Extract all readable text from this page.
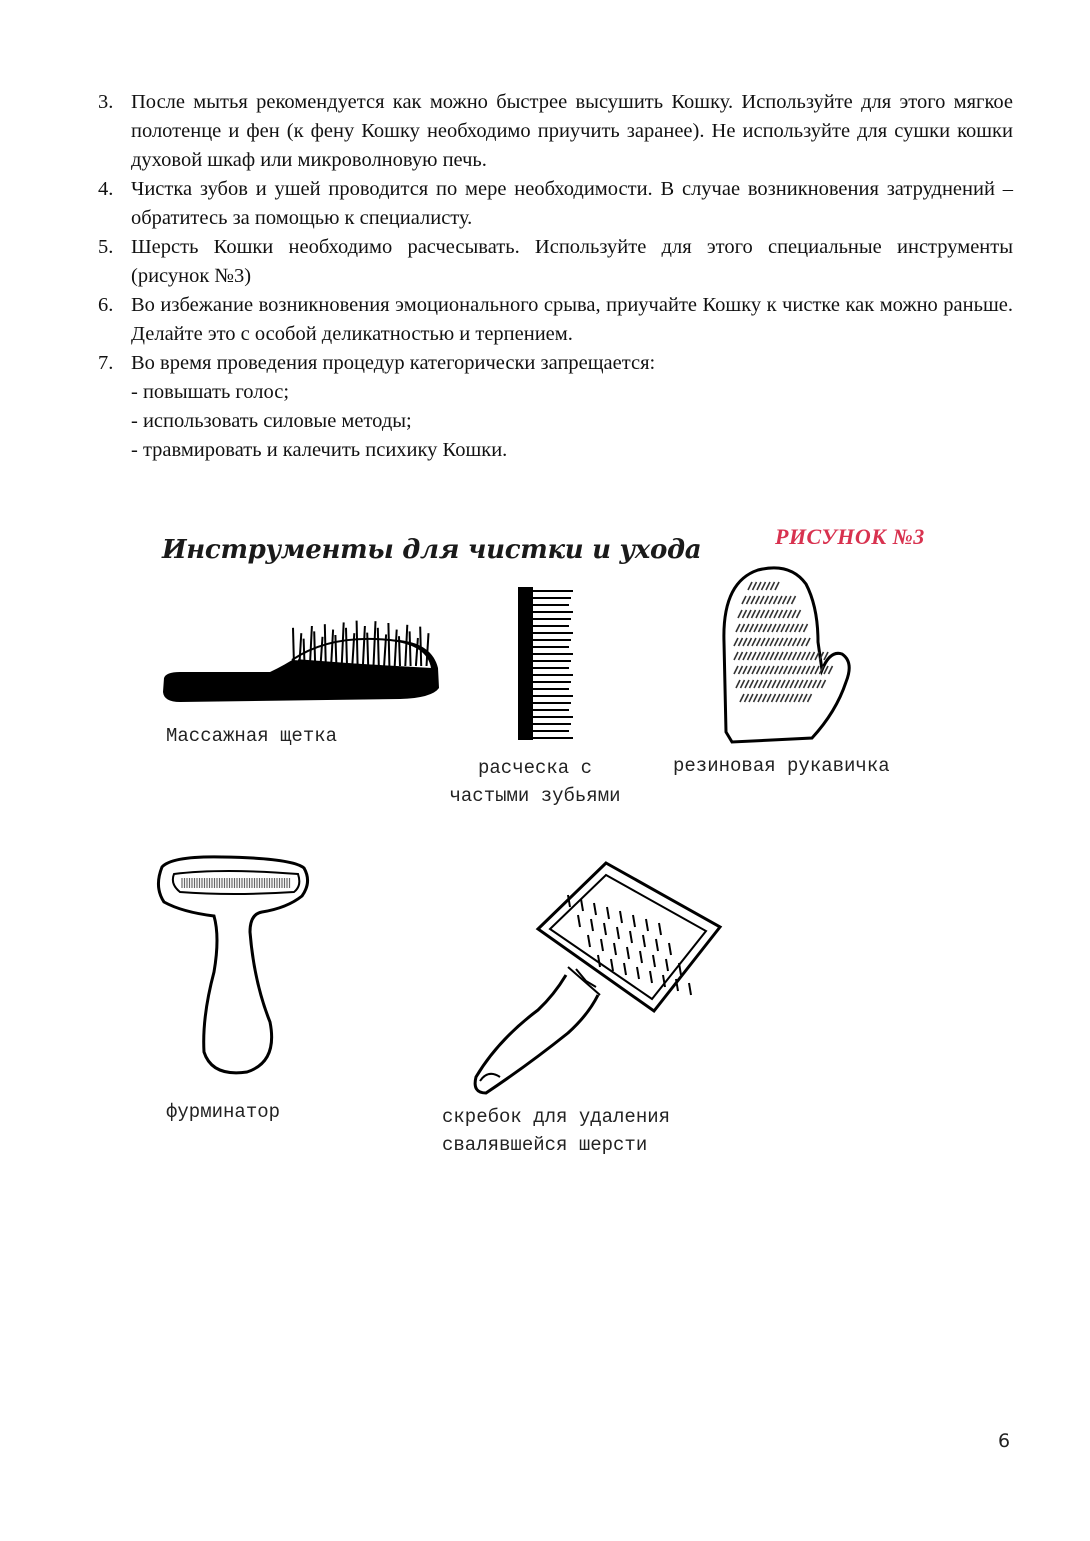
3. После мытья рекомендуется как можно быстрее высушить Кошку. Используйте для этого мягкое полотенце и фен (к фену Кошку необходимо приучить заранее). Не используйте для сушки кошки духовой шкаф или микроволновую печь.
4. Чистка зубов и ушей проводится по мере необходимости. В случае возникновения затруднений – обратитесь за помощью к специалисту.
5. Шерсть Кошки необходимо расчесывать. Используйте для этого специальные инструменты (рисунок №3)
6. Во избежание возникновения эмоционального срыва, приучайте Кошку к чистке как можно раньше. Делайте это с особой деликатностью и терпением.
7. Во время проведения процедур категорически запрещается:
- повышать голос;
- использовать силовые методы;
- травмировать и калечить психику Кошки.
Инструменты для чистки и ухода	РИСУНОК №3
Массажная щетка
расческа с
частыми зубьями
резиновая рукавичка
фурминатор	скребок для удаления
свалявшейся шерсти
6
